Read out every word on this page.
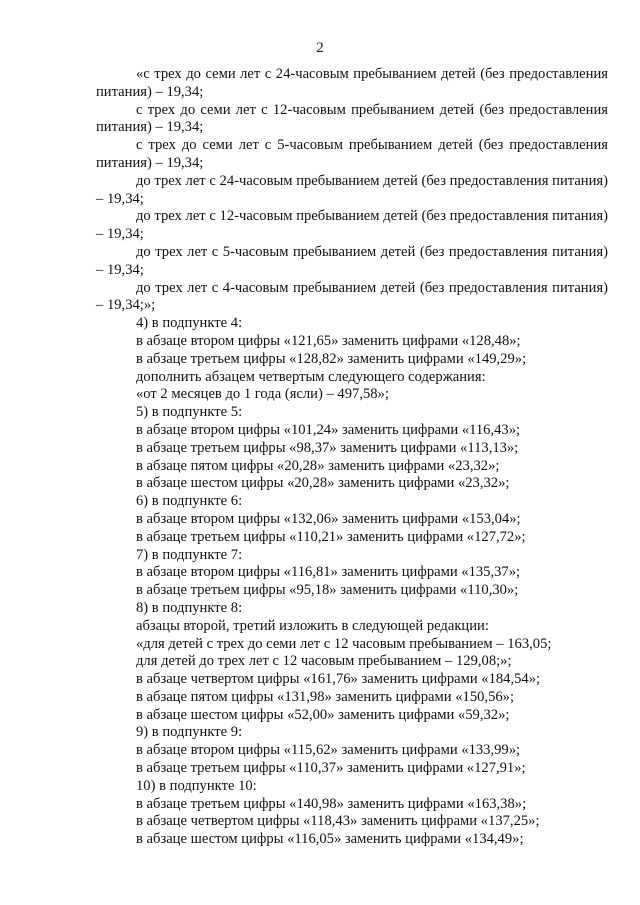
2

«с трех до семи лет с 24-часовым пребыванием детей (без предоставления питания) – 19,34;

с трех до семи лет с 12-часовым пребыванием детей (без предоставления питания) – 19,34;

с трех до семи лет с 5-часовым пребыванием детей (без предоставления питания) – 19,34;

до трех лет с 24-часовым пребыванием детей (без предоставления питания) – 19,34;

до трех лет с 12-часовым пребыванием детей (без предоставления питания) – 19,34;

до трех лет с 5-часовым пребыванием детей (без предоставления питания) – 19,34;

до трех лет с 4-часовым пребыванием детей (без предоставления питания) – 19,34;»;

4) в подпункте 4:

в абзаце втором цифры «121,65» заменить цифрами «128,48»;

в абзаце третьем цифры «128,82» заменить цифрами «149,29»;

дополнить абзацем четвертым следующего содержания:

«от 2 месяцев до 1 года (ясли) – 497,58»;

5) в подпункте 5:

в абзаце втором цифры «101,24» заменить цифрами «116,43»;

в абзаце третьем цифры «98,37» заменить цифрами «113,13»;

в абзаце пятом цифры «20,28» заменить цифрами «23,32»;

в абзаце шестом цифры «20,28» заменить цифрами «23,32»;

6) в подпункте 6:

в абзаце втором цифры «132,06» заменить цифрами «153,04»;

в абзаце третьем цифры «110,21» заменить цифрами «127,72»;

7) в подпункте 7:

в абзаце втором цифры «116,81» заменить цифрами «135,37»;

в абзаце третьем цифры «95,18» заменить цифрами «110,30»;

8) в подпункте 8:

абзацы второй, третий изложить в следующей редакции:

«для детей с трех до семи лет с 12 часовым пребыванием – 163,05;

для детей до трех лет с 12 часовым пребыванием – 129,08;»;

в абзаце четвертом цифры «161,76» заменить цифрами «184,54»;

в абзаце пятом цифры «131,98» заменить цифрами «150,56»;

в абзаце шестом цифры «52,00» заменить цифрами «59,32»;

9) в подпункте 9:

в абзаце втором цифры «115,62» заменить цифрами «133,99»;

в абзаце третьем цифры «110,37» заменить цифрами «127,91»;

10) в подпункте 10:

в абзаце третьем цифры «140,98» заменить цифрами «163,38»;

в абзаце четвертом цифры «118,43» заменить цифрами «137,25»;

в абзаце шестом цифры «116,05» заменить цифрами «134,49»;
